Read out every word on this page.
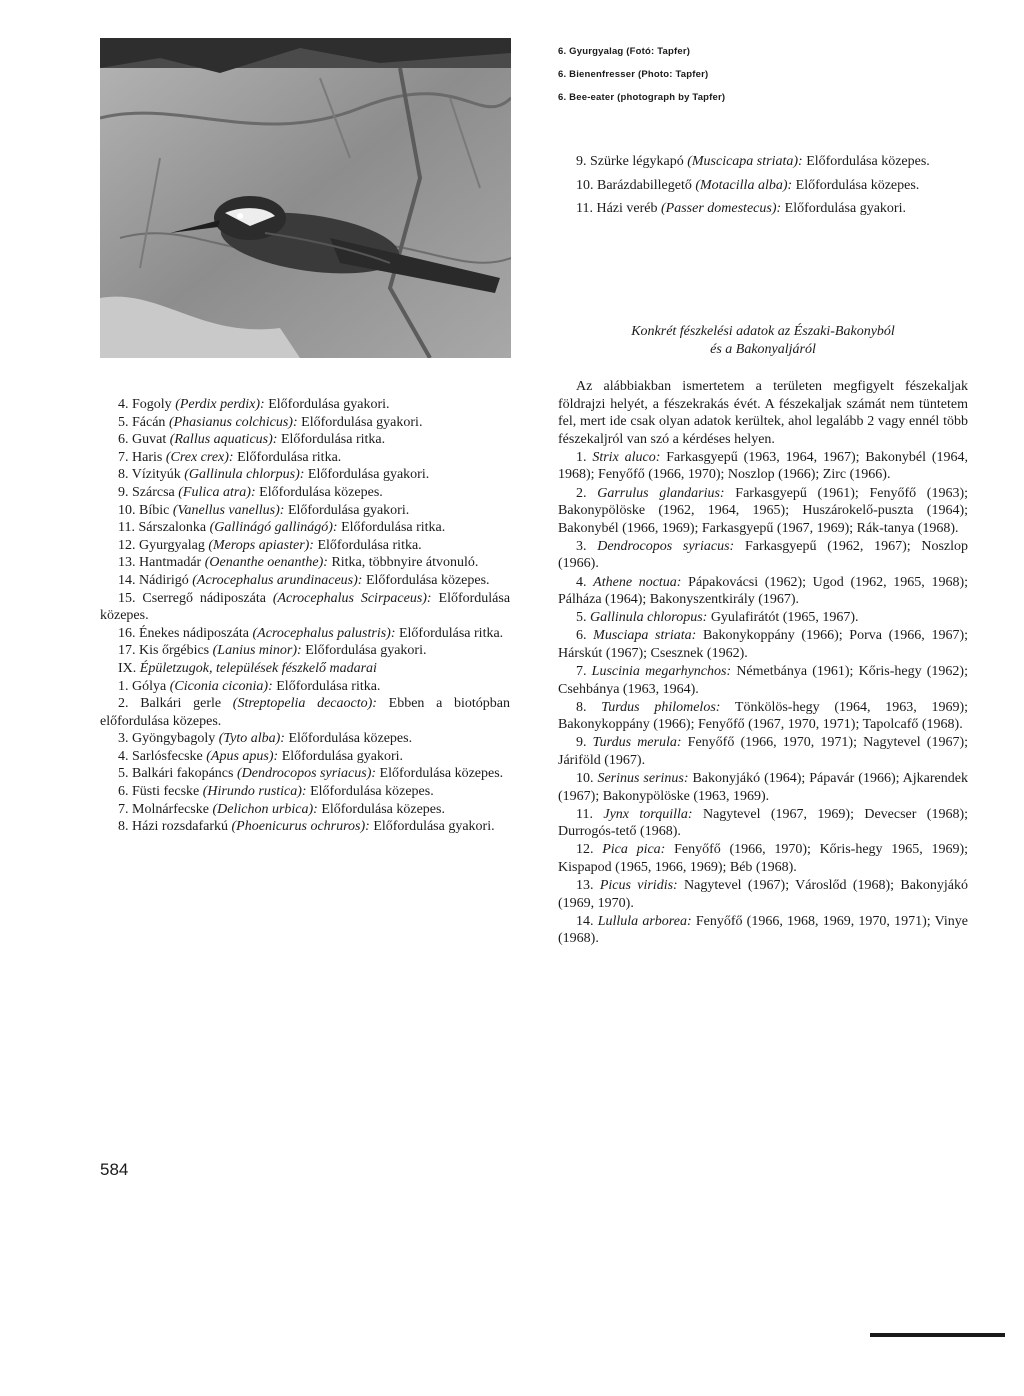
6. Gyurgyalag (Fotó: Tapfer)
6. Bienenfresser (Photo: Tapfer)
6. Bee-eater (photograph by Tapfer)

9. Szürke légykapó (Muscicapa striata): Előfordulása közepes.

10. Barázdabillegető (Motacilla alba): Előfordulása közepes.

11. Házi veréb (Passer domestecus): Előfordulása gyakori.

Konkrét fészkelési adatok az Északi-Bakonyból
és a Bakonyaljáról

4. Fogoly (Perdix perdix): Előfordulása gyakori.

5. Fácán (Phasianus colchicus): Előfordulása gyakori.

6. Guvat (Rallus aquaticus): Előfordulása ritka.

7. Haris (Crex crex): Előfordulása ritka.

8. Vízityúk (Gallinula chlorpus): Előfordulása gyakori.

9. Szárcsa (Fulica atra): Előfordulása közepes.

10. Bíbic (Vanellus vanellus): Előfordulása gyakori.

11. Sárszalonka (Gallinágó gallinágó): Előfordulása ritka.

12. Gyurgyalag (Merops apiaster): Előfordulása ritka.

13. Hantmadár (Oenanthe oenanthe): Ritka, többnyire átvonuló.

14. Nádirigó (Acrocephalus arundinaceus): Előfordulása közepes.

15. Cserregő nádiposzáta (Acrocephalus Scirpaceus): Előfordulása közepes.

16. Énekes nádiposzáta (Acrocephalus palustris): Előfordulása ritka.

17. Kis őrgébics (Lanius minor): Előfordulása gyakori.

IX. Épületzugok, települések fészkelő madarai

1. Gólya (Ciconia ciconia): Előfordulása ritka.

2. Balkári gerle (Streptopelia decaocto): Ebben a biotópban előfordulása közepes.

3. Gyöngybagoly (Tyto alba): Előfordulása közepes.

4. Sarlósfecske (Apus apus): Előfordulása gyakori.

5. Balkári fakopáncs (Dendrocopos syriacus): Előfordulása közepes.

6. Füsti fecske (Hirundo rustica): Előfordulása közepes.

7. Molnárfecske (Delichon urbica): Előfordulása közepes.

8. Házi rozsdafarkú (Phoenicurus ochruros): Előfordulása gyakori.

Az alábbiakban ismertetem a területen megfigyelt fészekaljak földrajzi helyét, a fészekrakás évét. A fészekaljak számát nem tüntetem fel, mert ide csak olyan adatok kerültek, ahol legalább 2 vagy ennél több fészekaljról van szó a kérdéses helyen.

1. Strix aluco: Farkasgyepű (1963, 1964, 1967); Bakonybél (1964, 1968); Fenyőfő (1966, 1970); Noszlop (1966); Zirc (1966).

2. Garrulus glandarius: Farkasgyepű (1961); Fenyőfő (1963); Bakonypölöske (1962, 1964, 1965); Huszárokelő-puszta (1964); Bakonybél (1966, 1969); Farkasgyepű (1967, 1969); Rák-tanya (1968).

3. Dendrocopos syriacus: Farkasgyepű (1962, 1967); Noszlop (1966).

4. Athene noctua: Pápakovácsi (1962); Ugod (1962, 1965, 1968); Pálháza (1964); Bakonyszentkirály (1967).

5. Gallinula chloropus: Gyulafirátót (1965, 1967).

6. Musciapa striata: Bakonykoppány (1966); Porva (1966, 1967); Hárskút (1967); Csesznek (1962).

7. Luscinia megarhynchos: Németbánya (1961); Kőris-hegy (1962); Csehbánya (1963, 1964).

8. Turdus philomelos: Tönkölös-hegy (1964, 1963, 1969); Bakonykoppány (1966); Fenyőfő (1967, 1970, 1971); Tapolcafő (1968).

9. Turdus merula: Fenyőfő (1966, 1970, 1971); Nagytevel (1967); Járiföld (1967).

10. Serinus serinus: Bakonyjákó (1964); Pápavár (1966); Ajkarendek (1967); Bakonypölöske (1963, 1969).

11. Jynx torquilla: Nagytevel (1967, 1969); Devecser (1968); Durrogós-tető (1968).

12. Pica pica: Fenyőfő (1966, 1970); Kőris-hegy 1965, 1969); Kispapod (1965, 1966, 1969); Béb (1968).

13. Picus viridis: Nagytevel (1967); Városlőd (1968); Bakonyjákó (1969, 1970).

14. Lullula arborea: Fenyőfő (1966, 1968, 1969, 1970, 1971); Vinye (1968).

584
